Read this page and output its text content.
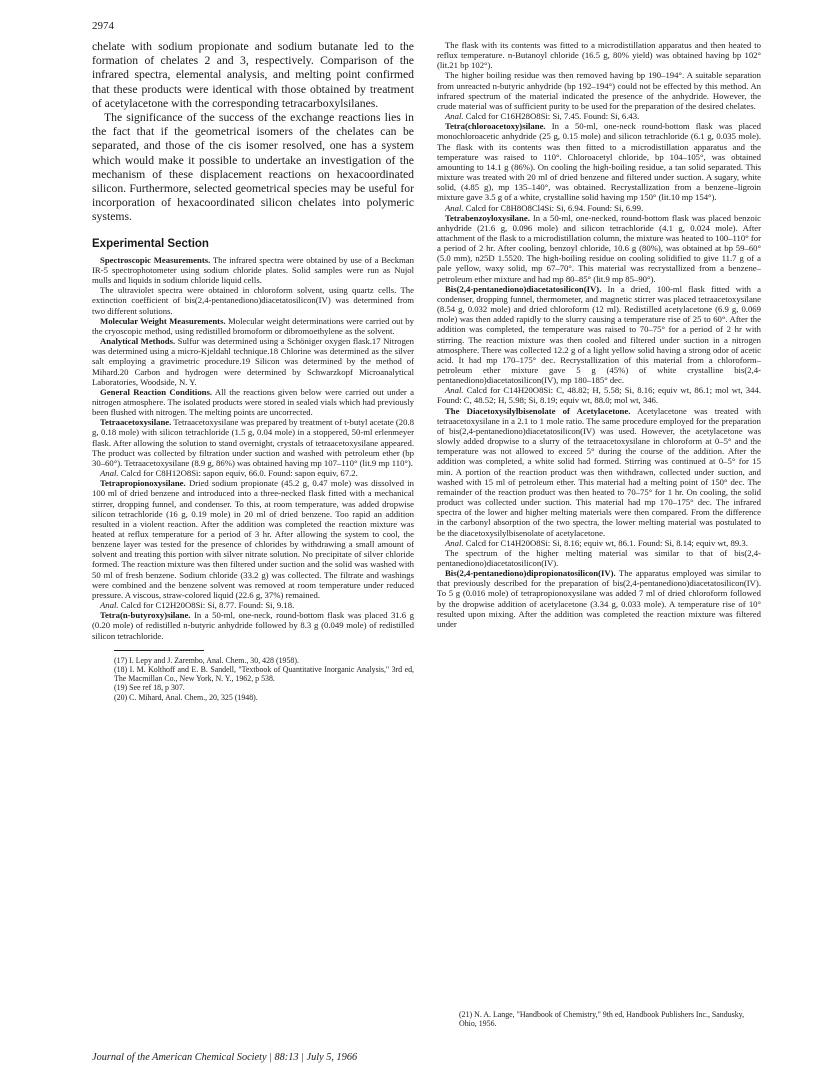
2974

chelate with sodium propionate and sodium butanate led to the formation of chelates 2 and 3, respectively. Comparison of the infrared spectra, elemental analysis, and melting point confirmed that these products were identical with those obtained by treatment of acetylacetone with the corresponding tetracarboxylsilanes.

The significance of the success of the exchange reactions lies in the fact that if the geometrical isomers of the chelates can be separated, and those of the cis isomer resolved, one has a system which would make it possible to undertake an investigation of the mechanism of these displacement reactions on hexacoordinated silicon. Furthermore, selected geometrical species may be useful for incorporation of hexacoordinated silicon chelates into polymeric systems.

Experimental Section

Spectroscopic Measurements. The infrared spectra were obtained by use of a Beckman IR-5 spectrophotometer using sodium chloride plates. Solid samples were run as Nujol mulls and liquids in sodium chloride liquid cells.

The ultraviolet spectra were obtained in chloroform solvent, using quartz cells. The extinction coefficient of bis(2,4-pentanediono)diacetatosilicon(IV) was determined from two different solutions.

Molecular Weight Measurements. Molecular weight determinations were carried out by the cryoscopic method, using redistilled bromoform or dibromoethylene as the solvent.

Analytical Methods. Sulfur was determined using a Schöniger oxygen flask.17 Nitrogen was determined using a micro-Kjeldahl technique.18 Chlorine was determined as the silver salt employing a gravimetric procedure.19 Silicon was determined by the method of Mihard.20 Carbon and hydrogen were determined by Schwarzkopf Microanalytical Laboratories, Woodside, N. Y.

General Reaction Conditions. All the reactions given below were carried out under a nitrogen atmosphere. The isolated products were stored in sealed vials which had previously been flushed with nitrogen. The melting points are uncorrected.

Tetraacetoxysilane. Tetraacetoxysilane was prepared by treatment of t-butyl acetate (20.8 g, 0.18 mole) with silicon tetrachloride (1.5 g, 0.04 mole) in a stoppered, 50-ml erlenmeyer flask. After allowing the solution to stand overnight, crystals of tetraacetoxysilane appeared. The product was collected by filtration under suction and washed with petroleum ether (bp 30–60°). Tetraacetoxysilane (8.9 g, 86%) was obtained having mp 107–110° (lit.9 mp 110°).

Anal. Calcd for C8H12O8Si: sapon equiv, 66.0. Found: sapon equiv, 67.2.

Tetrapropionoxysilane. Dried sodium propionate (45.2 g, 0.47 mole) was dissolved in 100 ml of dried benzene and introduced into a three-necked flask fitted with a mechanical stirrer, dropping funnel, and condenser. To this, at room temperature, was added dropwise silicon tetrachloride (16 g, 0.19 mole) in 20 ml of dried benzene. Too rapid an addition resulted in a violent reaction. After the addition was completed the reaction mixture was heated at reflux temperature for a period of 3 hr. After allowing the system to cool, the benzene layer was tested for the presence of chlorides by withdrawing a small amount of solvent and treating this portion with silver nitrate solution. No precipitate of silver chloride formed. The reaction mixture was then filtered under suction and the solid was washed with 50 ml of fresh benzene. Sodium chloride (33.2 g) was collected. The filtrate and washings were combined and the benzene solvent was removed at room temperature under reduced pressure. A viscous, straw-colored liquid (22.6 g, 37%) remained.

Anal. Calcd for C12H20O8Si: Si, 8.77. Found: Si, 9.18.

Tetra(n-butyroxy)silane. In a 50-ml, one-neck, round-bottom flask was placed 31.6 g (0.20 mole) of redistilled n-butyric anhydride followed by 8.3 g (0.049 mole) of redistilled silicon tetrachloride.

(17) I. Lepy and J. Zarembo, Anal. Chem., 30, 428 (1958).

(18) I. M. Kolthoff and E. B. Sandell, "Textbook of Quantitative Inorganic Analysis," 3rd ed, The Macmillan Co., New York, N. Y., 1962, p 538.

(19) See ref 18, p 307.

(20) C. Mihard, Anal. Chem., 20, 325 (1948).

The flask with its contents was fitted to a microdistillation apparatus and then heated to reflux temperature. n-Butanoyl chloride (16.5 g, 80% yield) was obtained having bp 102° (lit.21 bp 102°).

The higher boiling residue was then removed having bp 190–194°. A suitable separation from unreacted n-butyric anhydride (bp 192–194°) could not be effected by this method. An infrared spectrum of the material indicated the presence of the anhydride. However, the crude material was of sufficient purity to be used for the preparation of the desired chelates.

Anal. Calcd for C16H28O8Si: Si, 7.45. Found: Si, 6.43.

Tetra(chloroacetoxy)silane. In a 50-ml, one-neck round-bottom flask was placed monochloroacetic anhydride (25 g, 0.15 mole) and silicon tetrachloride (6.1 g, 0.035 mole). The flask with its contents was then fitted to a microdistillation apparatus and the temperature was raised to 110°. Chloroacetyl chloride, bp 104–105°, was obtained amounting to 14.1 g (86%). On cooling the high-boiling residue, a tan solid separated. This mixture was treated with 20 ml of dried benzene and filtered under suction. A sugary, white solid, (4.85 g), mp 135–140°, was obtained. Recrystallization from a benzene–ligroin mixture gave 3.5 g of a white, crystalline solid having mp 150° (lit.10 mp 154°).

Anal. Calcd for C8H8O8Cl4Si: Si, 6.94. Found: Si, 6.99.

Tetrabenzoyloxysilane. In a 50-ml, one-necked, round-bottom flask was placed benzoic anhydride (21.6 g, 0.096 mole) and silicon tetrachloride (4.1 g, 0.024 mole). After attachment of the flask to a microdistillation column, the mixture was heated to 100–110° for a period of 2 hr. After cooling, benzoyl chloride, 10.6 g (80%), was obtained at bp 59–60° (5.0 mm), n25D 1.5520. The high-boiling residue on cooling solidified to give 11.7 g of a pale yellow, waxy solid, mp 67–70°. This material was recrystallized from a benzene–petroleum ether mixture and had mp 80–85° (lit.9 mp 85–90°).

Bis(2,4-pentanediono)diacetatosilicon(IV). In a dried, 100-ml flask fitted with a condenser, dropping funnel, thermometer, and magnetic stirrer was placed tetraacetoxysilane (8.54 g, 0.032 mole) and dried chloroform (12 ml). Redistilled acetylacetone (6.9 g, 0.069 mole) was then added rapidly to the slurry causing a temperature rise of 25 to 60°. After the addition was completed, the temperature was raised to 70–75° for a period of 2 hr with stirring. The reaction mixture was then cooled and filtered under suction in a nitrogen atmosphere. There was collected 12.2 g of a light yellow solid having a strong odor of acetic acid. It had mp 170–175° dec. Recrystallization of this material from a chloroform–petroleum ether mixture gave 5 g (45%) of white crystalline bis(2,4-pentanediono)diacetatosilicon(IV), mp 180–185° dec.

Anal. Calcd for C14H20O8Si: C, 48.82; H, 5.58; Si, 8.16; equiv wt, 86.1; mol wt, 344. Found: C, 48.52; H, 5.98; Si, 8.19; equiv wt, 88.0; mol wt, 346.

The Diacetoxysilylbisenolate of Acetylacetone. Acetylacetone was treated with tetraacetoxysilane in a 2.1 to 1 mole ratio. The same procedure employed for the preparation of bis(2,4-pentanediono)diacetatosilicon(IV) was used. However, the acetylacetone was slowly added dropwise to a slurry of the tetraacetoxysilane in chloroform at 0–5° and the temperature was not allowed to exceed 5° during the course of the addition. After the addition was completed, a white solid had formed. Stirring was continued at 0–5° for 15 min. A portion of the reaction product was then withdrawn, collected under suction, and washed with 15 ml of petroleum ether. This material had a melting point of 150° dec. The remainder of the reaction product was then heated to 70–75° for 1 hr. On cooling, the solid product was collected under suction. This material had mp 170–175° dec. The infrared spectra of the lower and higher melting materials were then compared. From the difference in the carbonyl absorption of the two spectra, the lower melting material was postulated to be the diacetoxysilylbisenolate of acetylacetone.

Anal. Calcd for C14H20O8Si: Si, 8.16; equiv wt, 86.1. Found: Si, 8.14; equiv wt, 89.3.

The spectrum of the higher melting material was similar to that of bis(2,4-pentanediono)diacetatosilicon(IV).

Bis(2,4-pentanediono)dipropionatosilicon(IV). The apparatus employed was similar to that previously described for the preparation of bis(2,4-pentanediono)diacetatosilicon(IV). To 5 g (0.016 mole) of tetrapropionoxysilane was added 7 ml of dried chloroform followed by the dropwise addition of acetylacetone (3.34 g, 0.033 mole). A temperature rise of 10° resulted upon mixing. After the addition was completed the reaction mixture was filtered under

(21) N. A. Lange, "Handbook of Chemistry," 9th ed, Handbook Publishers Inc., Sandusky, Ohio, 1956.

Journal of the American Chemical Society | 88:13 | July 5, 1966
